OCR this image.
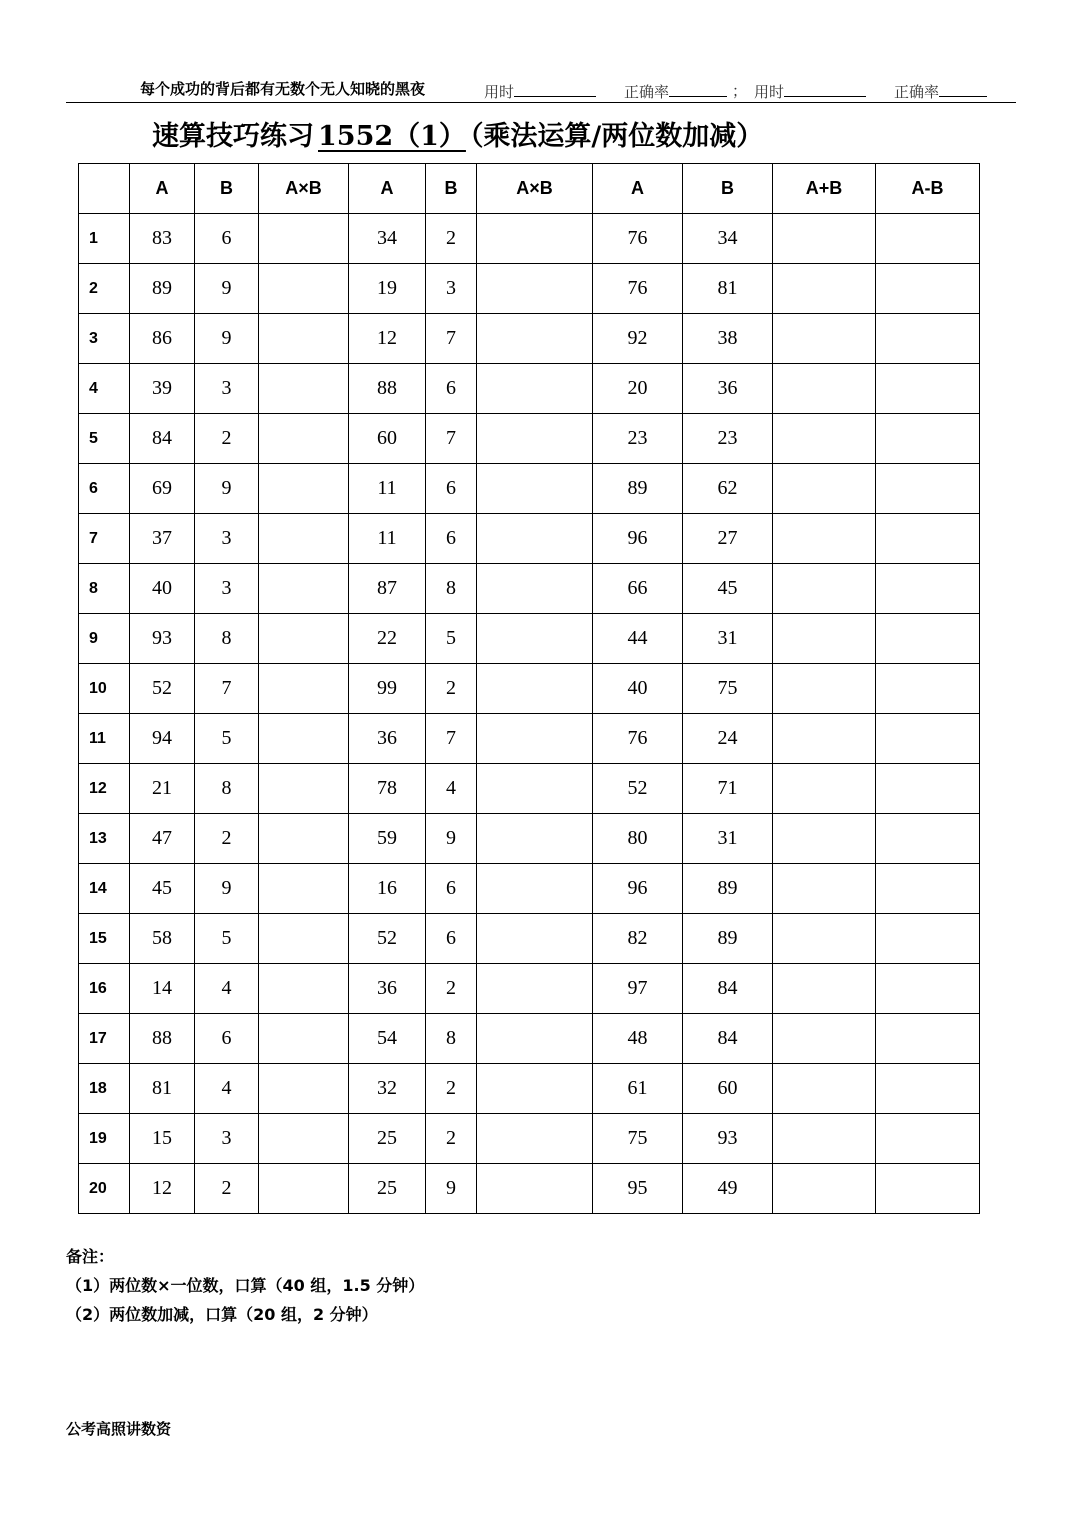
每个成功的背后都有无数个无人知晓的黑夜	用时	正确率	； 用时	正确率
速算技巧练习 1552（1） （乘法运算/两位数加减）
	A	B	A×B	A	B	A×B	A	B	A+B	A-B
1	83	6		34	2		76	34		
2	89	9		19	3		76	81		
3	86	9		12	7		92	38		
4	39	3		88	6		20	36		
5	84	2		60	7		23	23		
6	69	9		11	6		89	62		
7	37	3		11	6		96	27		
8	40	3		87	8		66	45		
9	93	8		22	5		44	31		
10	52	7		99	2		40	75		
11	94	5		36	7		76	24		
12	21	8		78	4		52	71		
13	47	2		59	9		80	31		
14	45	9		16	6		96	89		
15	58	5		52	6		82	89		
16	14	4		36	2		97	84		
17	88	6		54	8		48	84		
18	81	4		32	2		61	60		
19	15	3		25	2		75	93		
20	12	2		25	9		95	49		
备注：
（1）两位数×一位数，口算（40 组，1.5 分钟）
（2）两位数加减，口算（20 组，2 分钟）
公考高照讲数资
